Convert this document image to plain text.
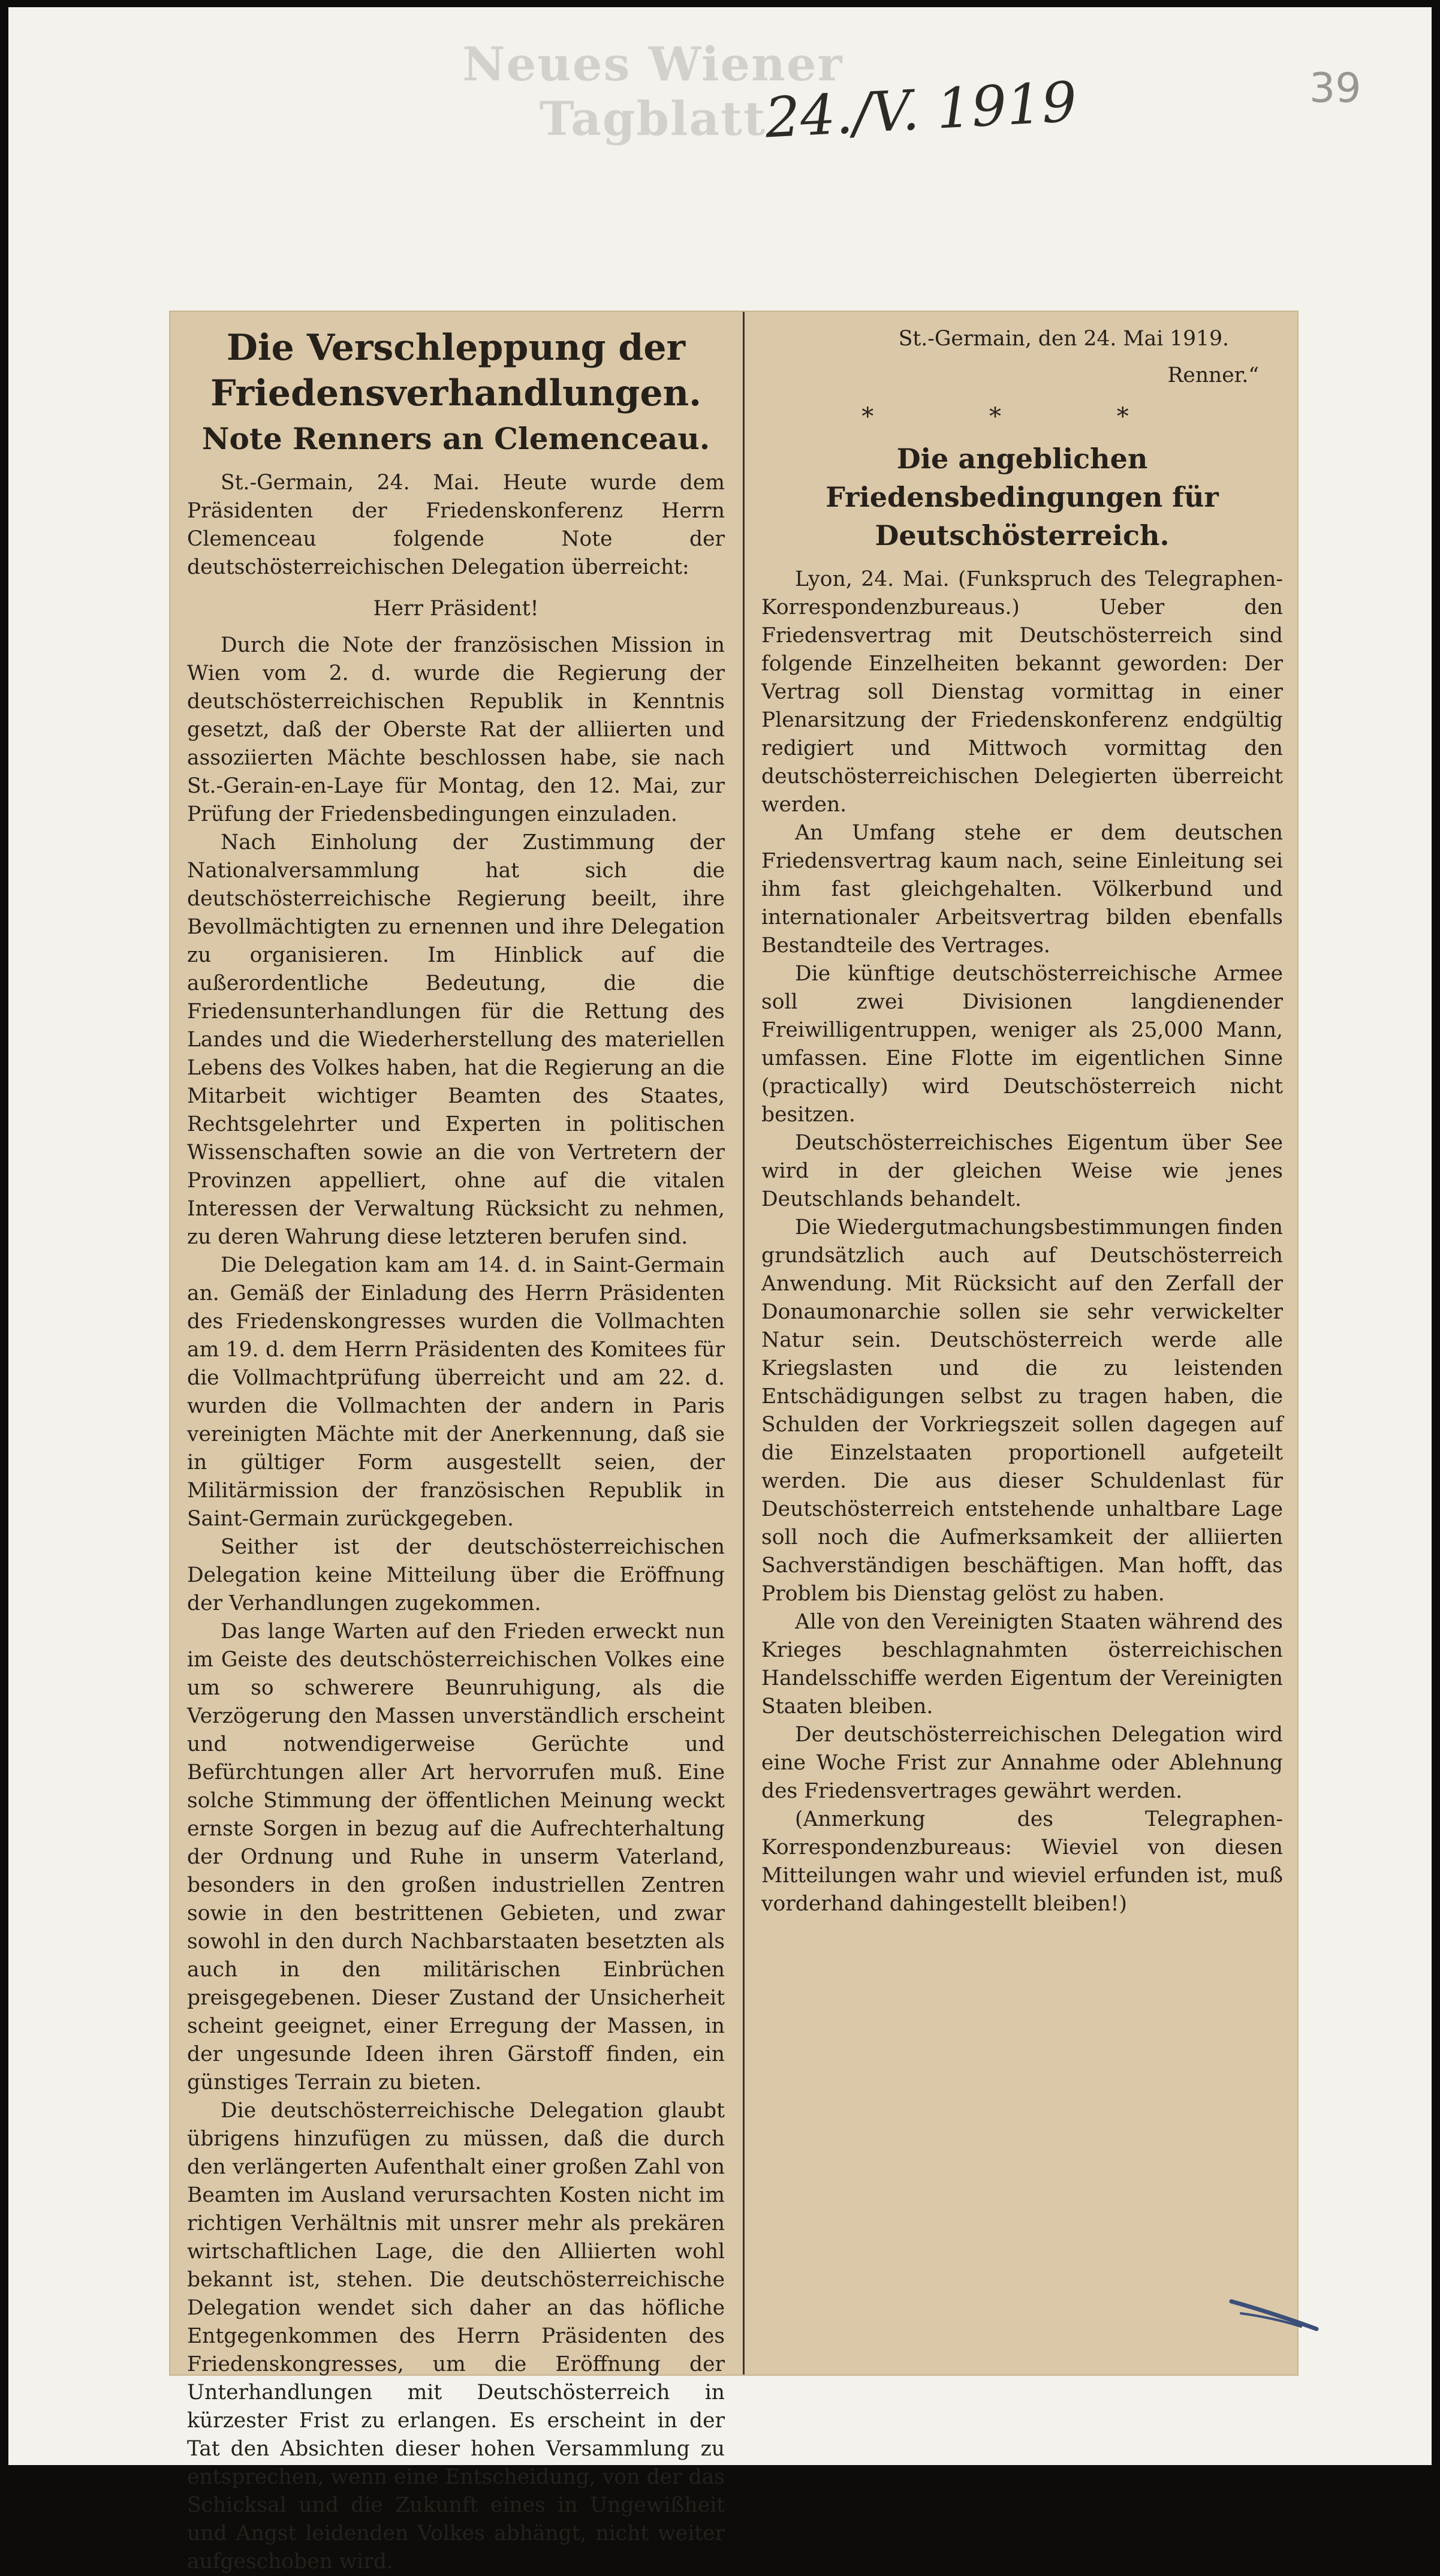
Neues Wiener Tagblatt
24./V. 1919	39
Die Verschleppung der Friedensverhandlungen.
Note Renners an Clemenceau.

St.-Germain, 24. Mai. Heute wurde dem Präsidenten der Friedenskonferenz Herrn Clemenceau folgende Note der deutschösterreichischen Delegation überreicht:

Herr Präsident!

Durch die Note der französischen Mission in Wien vom 2. d. wurde die Regierung der deutschösterreichischen Republik in Kenntnis gesetzt, daß der Oberste Rat der alliierten und assoziierten Mächte beschlossen habe, sie nach St.-Gerain-en-Laye für Montag, den 12. Mai, zur Prüfung der Friedensbedingungen einzuladen.

Nach Einholung der Zustimmung der Nationalversammlung hat sich die deutschösterreichische Regierung beeilt, ihre Bevollmächtigten zu ernennen und ihre Delegation zu organisieren. Im Hinblick auf die außerordentliche Bedeutung, die die Friedensunterhandlungen für die Rettung des Landes und die Wiederherstellung des materiellen Lebens des Volkes haben, hat die Regierung an die Mitarbeit wichtiger Beamten des Staates, Rechtsgelehrter und Experten in politischen Wissenschaften sowie an die von Vertretern der Provinzen appelliert, ohne auf die vitalen Interessen der Verwaltung Rücksicht zu nehmen, zu deren Wahrung diese letzteren berufen sind.

Die Delegation kam am 14. d. in Saint-Germain an. Gemäß der Einladung des Herrn Präsidenten des Friedenskongresses wurden die Vollmachten am 19. d. dem Herrn Präsidenten des Komitees für die Vollmachtprüfung überreicht und am 22. d. wurden die Vollmachten der andern in Paris vereinigten Mächte mit der Anerkennung, daß sie in gültiger Form ausgestellt seien, der Militärmission der französischen Republik in Saint-Germain zurückgegeben.

Seither ist der deutschösterreichischen Delegation keine Mitteilung über die Eröffnung der Verhandlungen zugekommen.

Das lange Warten auf den Frieden erweckt nun im Geiste des deutschösterreichischen Volkes eine um so schwerere Beunruhigung, als die Verzögerung den Massen unverständlich erscheint und notwendigerweise Gerüchte und Befürchtungen aller Art hervorrufen muß. Eine solche Stimmung der öffentlichen Meinung weckt ernste Sorgen in bezug auf die Aufrechterhaltung der Ordnung und Ruhe in unserm Vaterland, besonders in den großen industriellen Zentren sowie in den bestrittenen Gebieten, und zwar sowohl in den durch Nachbarstaaten besetzten als auch in den militärischen Einbrüchen preisgegebenen. Dieser Zustand der Unsicherheit scheint geeignet, einer Erregung der Massen, in der ungesunde Ideen ihren Gärstoff finden, ein günstiges Terrain zu bieten.

Die deutschösterreichische Delegation glaubt übrigens hinzufügen zu müssen, daß die durch den verlängerten Aufenthalt einer großen Zahl von Beamten im Ausland verursachten Kosten nicht im richtigen Verhältnis mit unsrer mehr als prekären wirtschaftlichen Lage, die den Alliierten wohl bekannt ist, stehen. Die deutschösterreichische Delegation wendet sich daher an das höfliche Entgegenkommen des Herrn Präsidenten des Friedenskongresses, um die Eröffnung der Unterhandlungen mit Deutschösterreich in kürzester Frist zu erlangen. Es erscheint in der Tat den Absichten dieser hohen Versammlung zu entsprechen, wenn eine Entscheidung, von der das Schicksal und die Zukunft eines in Ungewißheit und Angst leidenden Volkes abhängt, nicht weiter aufgeschoben wird.

St.-Germain, den 24. Mai 1919.

Renner.“

* * *
Die angeblichen Friedensbedingungen für Deutschösterreich.

Lyon, 24. Mai. (Funkspruch des Telegraphen-Korrespondenzbureaus.) Ueber den Friedensvertrag mit Deutschösterreich sind folgende Einzelheiten bekannt geworden: Der Vertrag soll Dienstag vormittag in einer Plenarsitzung der Friedenskonferenz endgültig redigiert und Mittwoch vormittag den deutschösterreichischen Delegierten überreicht werden.

An Umfang stehe er dem deutschen Friedensvertrag kaum nach, seine Einleitung sei ihm fast gleichgehalten. Völkerbund und internationaler Arbeitsvertrag bilden ebenfalls Bestandteile des Vertrages.

Die künftige deutschösterreichische Armee soll zwei Divisionen langdienender Freiwilligentruppen, weniger als 25,000 Mann, umfassen. Eine Flotte im eigentlichen Sinne (practically) wird Deutschösterreich nicht besitzen.

Deutschösterreichisches Eigentum über See wird in der gleichen Weise wie jenes Deutschlands behandelt.

Die Wiedergutmachungsbestimmungen finden grundsätzlich auch auf Deutschösterreich Anwendung. Mit Rücksicht auf den Zerfall der Donaumonarchie sollen sie sehr verwickelter Natur sein. Deutschösterreich werde alle Kriegslasten und die zu leistenden Entschädigungen selbst zu tragen haben, die Schulden der Vorkriegszeit sollen dagegen auf die Einzelstaaten proportionell aufgeteilt werden. Die aus dieser Schuldenlast für Deutschösterreich entstehende unhaltbare Lage soll noch die Aufmerksamkeit der alliierten Sachverständigen beschäftigen. Man hofft, das Problem bis Dienstag gelöst zu haben.

Alle von den Vereinigten Staaten während des Krieges beschlagnahmten österreichischen Handelsschiffe werden Eigentum der Vereinigten Staaten bleiben.

Der deutschösterreichischen Delegation wird eine Woche Frist zur Annahme oder Ablehnung des Friedensvertrages gewährt werden.

(Anmerkung des Telegraphen-Korrespondenzbureaus: Wieviel von diesen Mitteilungen wahr und wieviel erfunden ist, muß vorderhand dahingestellt bleiben!)
